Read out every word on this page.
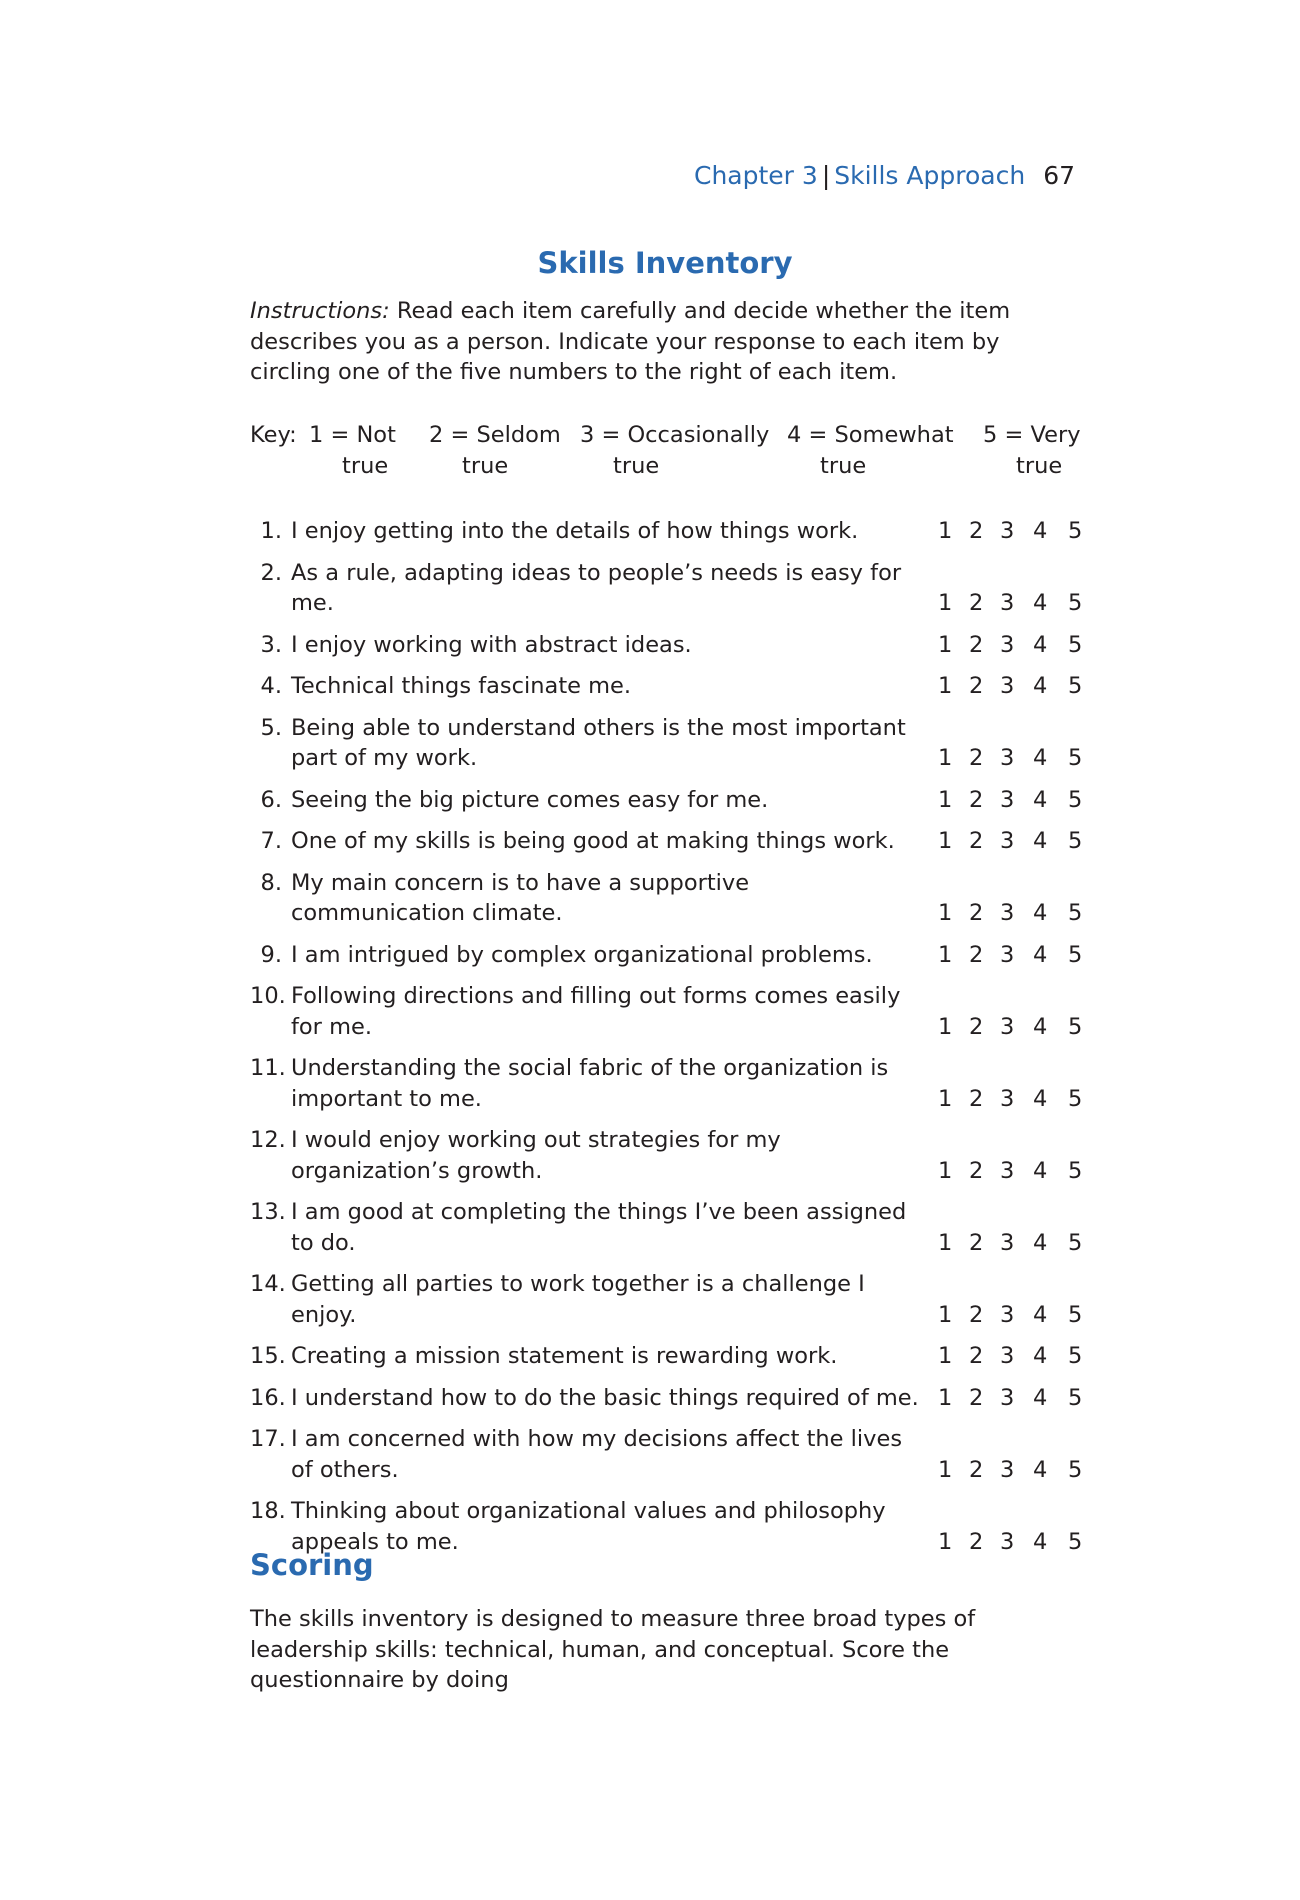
Chapter 3 | Skills Approach 67
Skills Inventory
Instructions: Read each item carefully and decide whether the item describes you as a person. Indicate your response to each item by circling one of the five numbers to the right of each item.
Key: 1 = Not
true
2 = Seldom
true
3 = Occasionally
true
4 = Somewhat
true
5 = Very
true
1. I enjoy getting into the details of how things work.	1 2 3 4 5
2. As a rule, adapting ideas to people’s needs is easy for me.	1 2 3 4 5
3. I enjoy working with abstract ideas.	1 2 3 4 5
4. Technical things fascinate me.	1 2 3 4 5
5. Being able to understand others is the most important part of my work.	1 2 3 4 5
6. Seeing the big picture comes easy for me.	1 2 3 4 5
7. One of my skills is being good at making things work.	1 2 3 4 5
8. My main concern is to have a supportive communication climate.	1 2 3 4 5
9. I am intrigued by complex organizational problems.	1 2 3 4 5
10. Following directions and filling out forms comes easily for me.	1 2 3 4 5
11. Understanding the social fabric of the organization is important to me.	1 2 3 4 5
12. I would enjoy working out strategies for my organization’s growth.	1 2 3 4 5
13. I am good at completing the things I’ve been assigned to do.	1 2 3 4 5
14. Getting all parties to work together is a challenge I enjoy.	1 2 3 4 5
15. Creating a mission statement is rewarding work.	1 2 3 4 5
16. I understand how to do the basic things required of me. 1 2 3 4 5
17. I am concerned with how my decisions affect the lives of others.	1 2 3 4 5
18. Thinking about organizational values and philosophy appeals to me.	1 2 3 4 5
Scoring
The skills inventory is designed to measure three broad types of leadership skills: technical, human, and conceptual. Score the questionnaire by doing
